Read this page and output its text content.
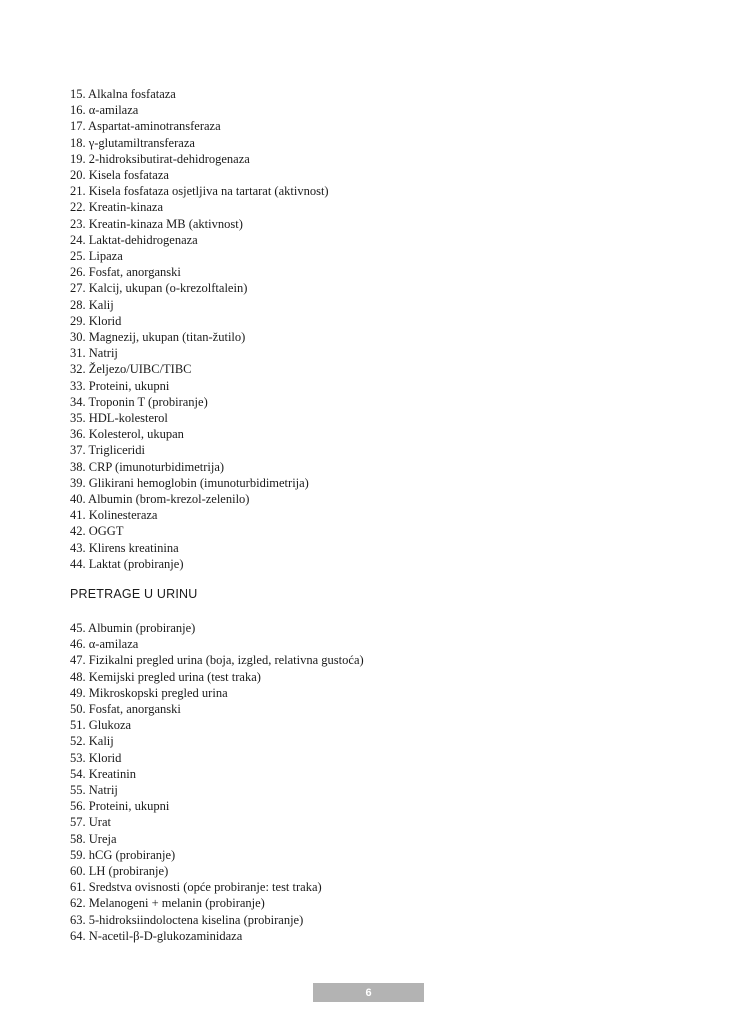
15. Alkalna fosfataza
16. α-amilaza
17. Aspartat-aminotransferaza
18. γ-glutamiltransferaza
19. 2-hidroksibutirat-dehidrogenaza
20. Kisela fosfataza
21. Kisela fosfataza osjetljiva na tartarat (aktivnost)
22. Kreatin-kinaza
23. Kreatin-kinaza MB (aktivnost)
24. Laktat-dehidrogenaza
25. Lipaza
26. Fosfat, anorganski
27. Kalcij, ukupan (o-krezolftalein)
28. Kalij
29. Klorid
30. Magnezij, ukupan (titan-žutilo)
31. Natrij
32. Željezo/UIBC/TIBC
33. Proteini, ukupni
34. Troponin T (probiranje)
35. HDL-kolesterol
36. Kolesterol, ukupan
37. Trigliceridi
38. CRP (imunoturbidimetrija)
39. Glikirani hemoglobin (imunoturbidimetrija)
40. Albumin (brom-krezol-zelenilo)
41. Kolinesteraza
42. OGGT
43. Klirens kreatinina
44. Laktat (probiranje)
PRETRAGE U URINU
45. Albumin (probiranje)
46. α-amilaza
47. Fizikalni pregled urina (boja, izgled, relativna gustoća)
48. Kemijski pregled urina (test traka)
49. Mikroskopski pregled urina
50. Fosfat, anorganski
51. Glukoza
52. Kalij
53. Klorid
54. Kreatinin
55. Natrij
56. Proteini, ukupni
57. Urat
58. Ureja
59. hCG (probiranje)
60. LH (probiranje)
61. Sredstva ovisnosti (opće probiranje: test traka)
62. Melanogeni + melanin (probiranje)
63. 5-hidroksiindoloctena kiselina (probiranje)
64. N-acetil-β-D-glukozaminidaza
6
